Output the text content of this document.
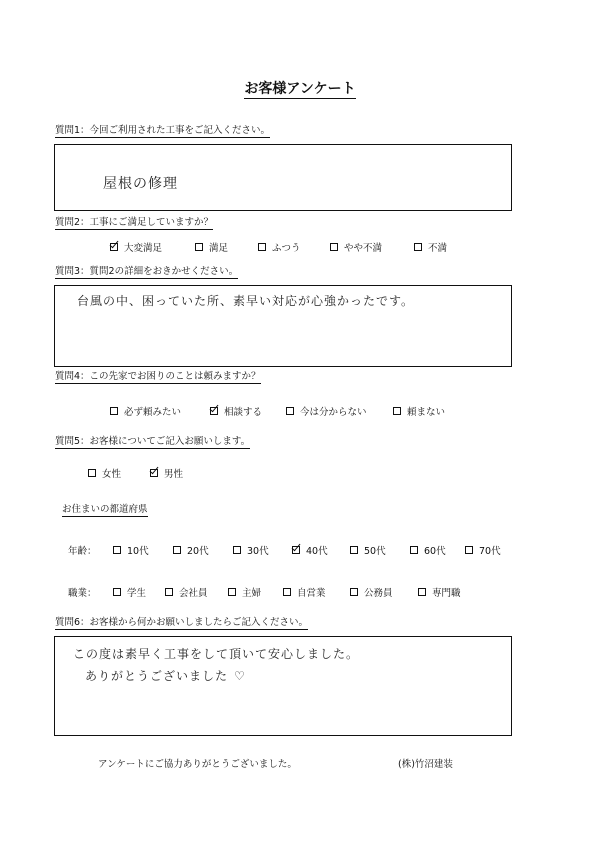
お客様アンケート
質問1：今回ご利用された工事をご記入ください。
屋根の修理
質問2：工事にご満足していますか？
大変満足	満足	ふつう	やや不満	不満
質問3：質問2の詳細をおきかせください。
台風の中、困っていた所、素早い対応が心強かったです。
質問4：この先家でお困りのことは頼みますか？
必ず頼みたい	相談する	今は分からない	頼まない
質問5：お客様についてご記入お願いします。
女性	男性
お住まいの都道府県
年齢：	10代	20代	30代	40代	50代	60代	70代
職業：	学生	会社員	主婦	自営業	公務員	専門職
質問6：お客様から何かお願いしましたらご記入ください。
この度は素早く工事をして頂いて安心しました。
ありがとうございました ♡
アンケートにご協力ありがとうございました。	(株)竹沼建装
